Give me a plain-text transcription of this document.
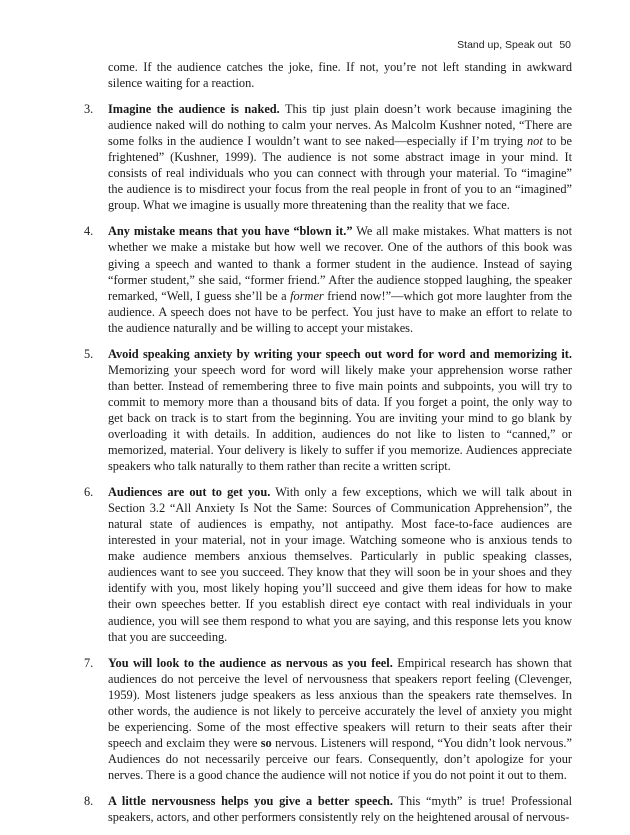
Stand up, Speak out 50

come. If the audience catches the joke, fine. If not, you’re not left standing in awkward silence waiting for a reaction.

3.	Imagine the audience is naked. This tip just plain doesn’t work because imagining the audience naked will do nothing to calm your nerves. As Malcolm Kushner noted, “There are some folks in the audience I wouldn’t want to see naked—especially if I’m trying not to be frightened” (Kushner, 1999). The audience is not some abstract image in your mind. It consists of real individuals who you can connect with through your material. To “imagine” the audience is to misdirect your focus from the real people in front of you to an “imagined” group. What we imagine is usually more threatening than the reality that we face.
4.	Any mistake means that you have “blown it.” We all make mistakes. What matters is not whether we make a mistake but how well we recover. One of the authors of this book was giving a speech and wanted to thank a former student in the audience. Instead of saying “former student,” she said, “former friend.” After the audience stopped laughing, the speaker remarked, “Well, I guess she’ll be a former friend now!”—which got more laughter from the audience. A speech does not have to be perfect. You just have to make an effort to relate to the audience naturally and be willing to accept your mistakes.
5.	Avoid speaking anxiety by writing your speech out word for word and memorizing it. Memorizing your speech word for word will likely make your apprehension worse rather than better. Instead of remembering three to five main points and subpoints, you will try to commit to memory more than a thousand bits of data. If you forget a point, the only way to get back on track is to start from the beginning. You are inviting your mind to go blank by overloading it with details. In addition, audiences do not like to listen to “canned,” or memorized, material. Your delivery is likely to suffer if you memorize. Audiences appreciate speakers who talk naturally to them rather than recite a written script.
6.	Audiences are out to get you. With only a few exceptions, which we will talk about in Section 3.2 “All Anxiety Is Not the Same: Sources of Communication Apprehension”, the natural state of audiences is empathy, not antipathy. Most face-to-face audiences are interested in your material, not in your image. Watching someone who is anxious tends to make audience members anxious themselves. Particularly in public speaking classes, audiences want to see you succeed. They know that they will soon be in your shoes and they identify with you, most likely hoping you’ll succeed and give them ideas for how to make their own speeches better. If you establish direct eye contact with real individuals in your audience, you will see them respond to what you are saying, and this response lets you know that you are succeeding.
7.	You will look to the audience as nervous as you feel. Empirical research has shown that audiences do not perceive the level of nervousness that speakers report feeling (Clevenger, 1959). Most listeners judge speakers as less anxious than the speakers rate themselves. In other words, the audience is not likely to perceive accurately the level of anxiety you might be experiencing. Some of the most effective speakers will return to their seats after their speech and exclaim they were so nervous. Listeners will respond, “You didn’t look nervous.” Audiences do not necessarily perceive our fears. Consequently, don’t apologize for your nerves. There is a good chance the audience will not notice if you do not point it out to them.
8.	A little nervousness helps you give a better speech. This “myth” is true! Professional speakers, actors, and other performers consistently rely on the heightened arousal of nervous-
